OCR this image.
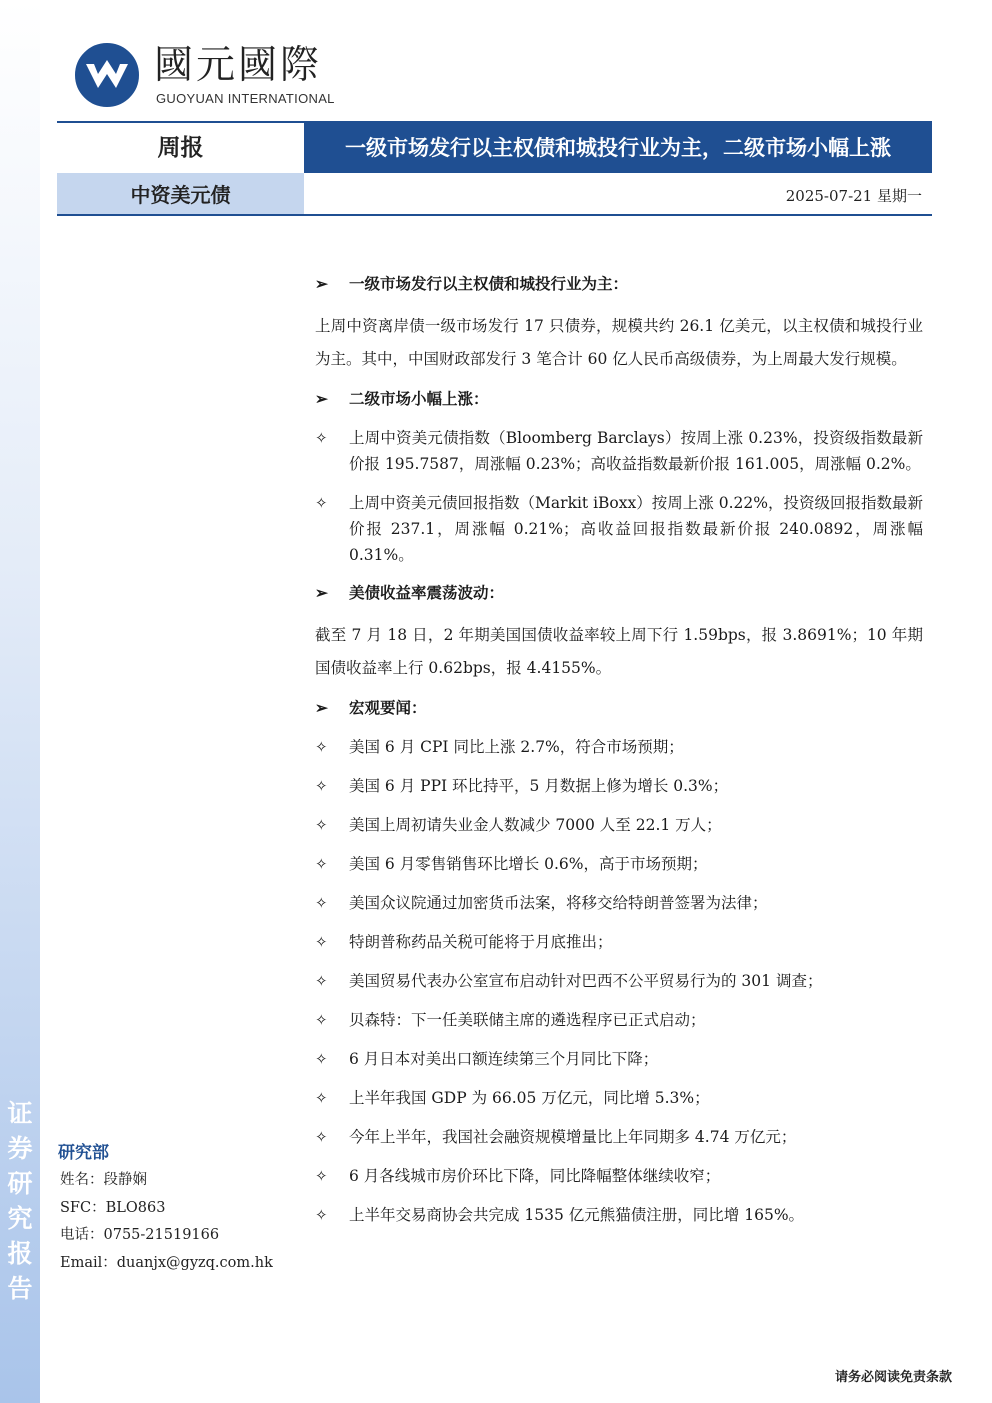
证
券
研
究
报
告
國元國際
GUOYUAN INTERNATIONAL
周报	一级市场发行以主权债和城投行业为主，二级市场小幅上涨
中资美元债	2025-07-21 星期一
➢ 一级市场发行以主权债和城投行业为主：
上周中资离岸债一级市场发行 17 只债券，规模共约 26.1 亿美元，以主权债和城投行业为主。其中，中国财政部发行 3 笔合计 60 亿人民币高级债券，为上周最大发行规模。
➢ 二级市场小幅上涨：
✧ 上周中资美元债指数（Bloomberg Barclays）按周上涨 0.23%，投资级指数最新价报 195.7587，周涨幅 0.23%；高收益指数最新价报 161.005，周涨幅 0.2%。
✧ 上周中资美元债回报指数（Markit iBoxx）按周上涨 0.22%，投资级回报指数最新价报 237.1，周涨幅 0.21%；高收益回报指数最新价报 240.0892，周涨幅 0.31%。
➢ 美债收益率震荡波动：
截至 7 月 18 日，2 年期美国国债收益率较上周下行 1.59bps，报 3.8691%；10 年期国债收益率上行 0.62bps，报 4.4155%。
➢ 宏观要闻：
✧ 美国 6 月 CPI 同比上涨 2.7%，符合市场预期；
✧ 美国 6 月 PPI 环比持平，5 月数据上修为增长 0.3%；
✧ 美国上周初请失业金人数减少 7000 人至 22.1 万人；
✧ 美国 6 月零售销售环比增长 0.6%，高于市场预期；
✧ 美国众议院通过加密货币法案，将移交给特朗普签署为法律；
✧ 特朗普称药品关税可能将于月底推出；
✧ 美国贸易代表办公室宣布启动针对巴西不公平贸易行为的 301 调查；
✧ 贝森特：下一任美联储主席的遴选程序已正式启动；
✧ 6 月日本对美出口额连续第三个月同比下降；
✧ 上半年我国 GDP 为 66.05 万亿元，同比增 5.3%；
✧ 今年上半年，我国社会融资规模增量比上年同期多 4.74 万亿元；
✧ 6 月各线城市房价环比下降，同比降幅整体继续收窄；
✧ 上半年交易商协会共完成 1535 亿元熊猫债注册，同比增 165%。
研究部
姓名：段静娴
SFC：BLO863
电话：0755-21519166
Email：duanjx@gyzq.com.hk
请务必阅读免责条款
